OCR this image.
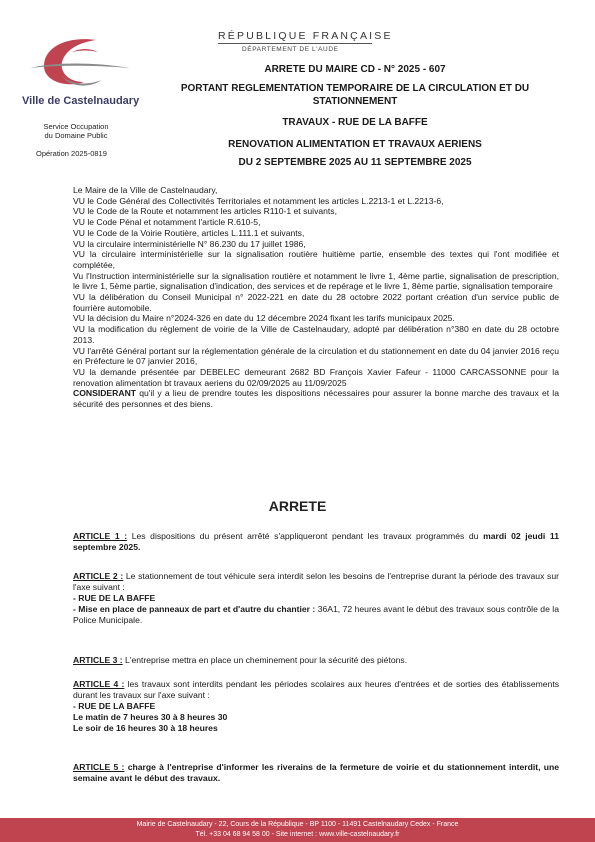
RÉPUBLIQUE FRANÇAISE
DÉPARTEMENT DE L'AUDE
Ville de Castelnaudary
Service Occupation
du Domaine Public
Opération 2025-0819
ARRETE DU MAIRE CD - N° 2025 - 607
PORTANT REGLEMENTATION TEMPORAIRE DE LA CIRCULATION ET DU STATIONNEMENT
TRAVAUX - RUE DE LA BAFFE
RENOVATION ALIMENTATION ET TRAVAUX AERIENS
DU 2 SEPTEMBRE 2025 AU 11 SEPTEMBRE 2025

Le Maire de la Ville de Castelnaudary,

VU le Code Général des Collectivités Territoriales et notamment les articles L.2213-1 et L.2213-6,

VU le Code de la Route et notamment les articles R110-1 et suivants,

VU le Code Pénal et notamment l'article R.610-5,

VU le Code de la Voirie Routière, articles L.111.1 et suivants,

VU la circulaire interministérielle N° 86.230 du 17 juillet 1986,

VU la circulaire interministérielle sur la signalisation routière huitième partie, ensemble des textes qui l'ont modifiée et complétée,

Vu l'Instruction interministérielle sur la signalisation routière et notamment le livre 1, 4ème partie, signalisation de prescription, le livre 1, 5ème partie, signalisation d'indication, des services et de repérage et le livre 1, 8ème partie, signalisation temporaire

VU la délibération du Conseil Municipal n° 2022-221 en date du 28 octobre 2022 portant création d'un service public de fourrière automobile.

VU la décision du Maire n°2024-326 en date du 12 décembre 2024 fixant les tarifs municipaux 2025.

VU la modification du règlement de voirie de la Ville de Castelnaudary, adopté par délibération n°380 en date du 28 octobre 2013.

VU l'arrêté Général portant sur la réglementation générale de la circulation et du stationnement en date du 04 janvier 2016 reçu en Préfecture le 07 janvier 2016,

VU la demande présentée par DEBELEC demeurant 2682 BD François Xavier Fafeur - 11000 CARCASSONNE pour la renovation alimentation bt travaux aeriens du 02/09/2025 au 11/09/2025

CONSIDERANT qu'il y a lieu de prendre toutes les dispositions nécessaires pour assurer la bonne marche des travaux et la sécurité des personnes et des biens.

ARRETE

ARTICLE 1 : Les dispositions du présent arrêté s'appliqueront pendant les travaux programmés du mardi 02 jeudi 11 septembre 2025.

ARTICLE 2 : Le stationnement de tout véhicule sera interdit selon les besoins de l'entreprise durant la période des travaux sur l'axe suivant :

- RUE DE LA BAFFE

- Mise en place de panneaux de part et d'autre du chantier : 36A1, 72 heures avant le début des travaux sous contrôle de la Police Municipale.

ARTICLE 3 : L'entreprise mettra en place un cheminement pour la sécurité des piétons.

ARTICLE 4 : les travaux sont interdits pendant les périodes scolaires aux heures d'entrées et de sorties des établissements durant les travaux sur l'axe suivant :

- RUE DE LA BAFFE

Le matin de 7 heures 30 à 8 heures 30

Le soir de 16 heures 30 à 18 heures

ARTICLE 5 : charge à l'entreprise d'informer les riverains de la fermeture de voirie et du stationnement interdit, une semaine avant le début des travaux.

Mairie de Castelnaudary - 22, Cours de la République - BP 1100 - 11491 Castelnaudary Cedex - France
Tél. +33 04 68 94 58 00 - Site internet : www.ville-castelnaudary.fr
